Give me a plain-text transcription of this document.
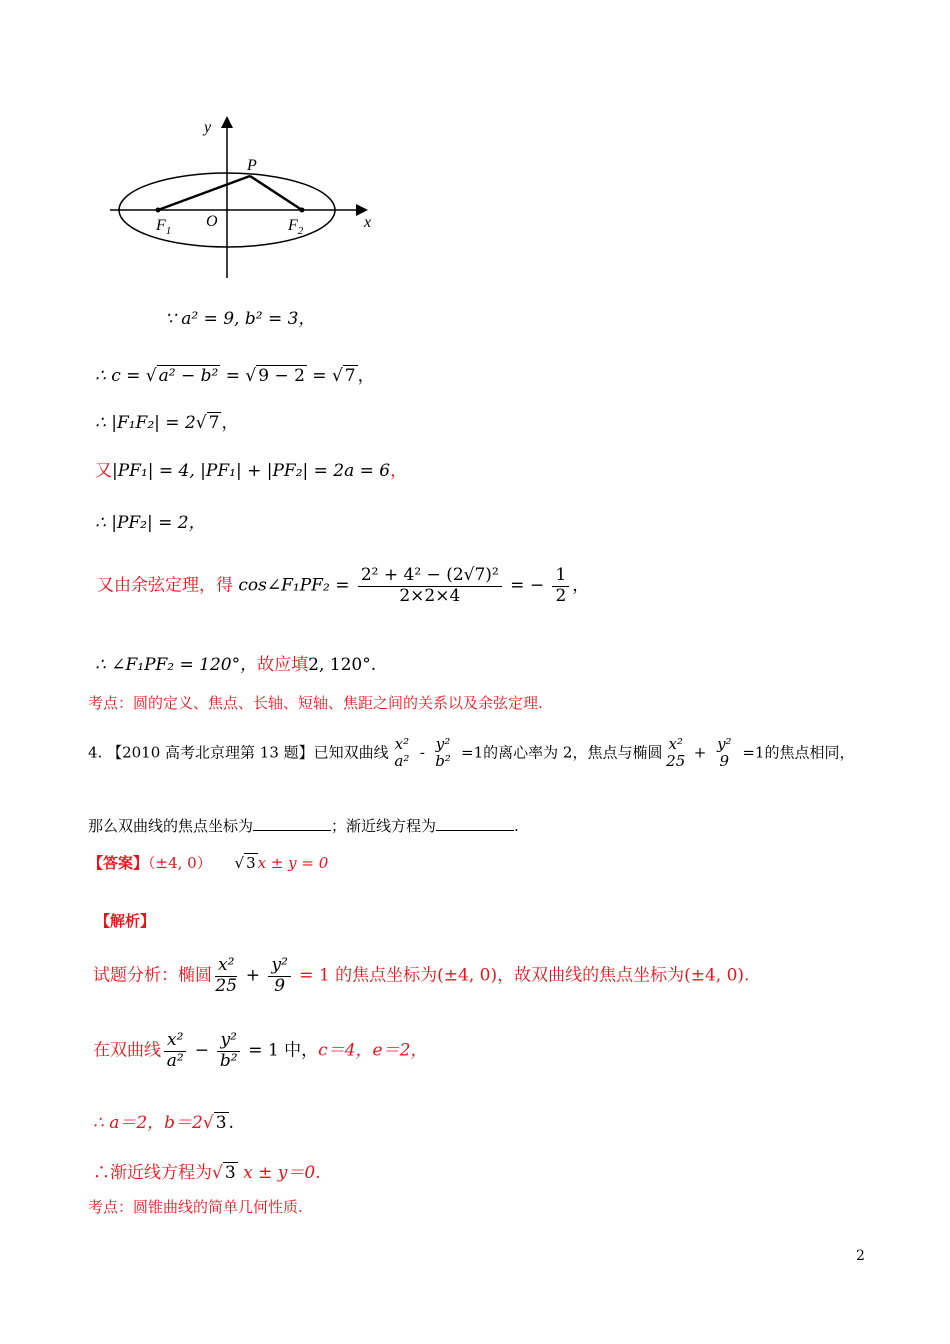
y
x
P
O
$F_1$	$F_2$
∵ a² = 9, b² = 3，
∴ c = √ a² − b² = √ 9 − 2 = √ 7 ，
∴ |F₁F₂| = 2√ 7 ，
又|PF₁| = 4, |PF₁| + |PF₂| = 2a = 6，
∴ |PF₂| = 2，
又由余弦定理，得 cos∠F₁PF₂ = $\frac{\text{2² + 4² − (2√7)²}}{2\times 2\times 4}$ = − $\frac{1}{2}$ ，
∴ ∠F₁PF₂ = 120°，故应填2, 120°.
考点：圆的定义、焦点、长轴、短轴、焦距之间的关系以及余弦定理.
4. 【2010 高考北京理第 13 题】已知双曲线 x²
a² - y²
b² =1的离心率为 2，焦点与椭圆 x²
25 + y²
9 =1的焦点相同，
那么双曲线的焦点坐标为	；渐近线方程为	.
【答案】（±4, 0） √ 3 x ± y = 0
【解析】
试题分析：椭圆 $\frac{\text{x²}}{25} + \frac{\text{y²}}{9} = 1$ 的焦点坐标为(±4, 0)，故双曲线的焦点坐标为(±4, 0).
在双曲线 $\frac{\text{x²}}{\text{a²}} - \frac{\text{y²}}{\text{b²}} = 1$ 中，c＝4，e＝2，
∴ a＝2，b＝2√ 3 .
∴渐近线方程为√ 3 x ± y＝0.
考点：圆锥曲线的简单几何性质.
2
